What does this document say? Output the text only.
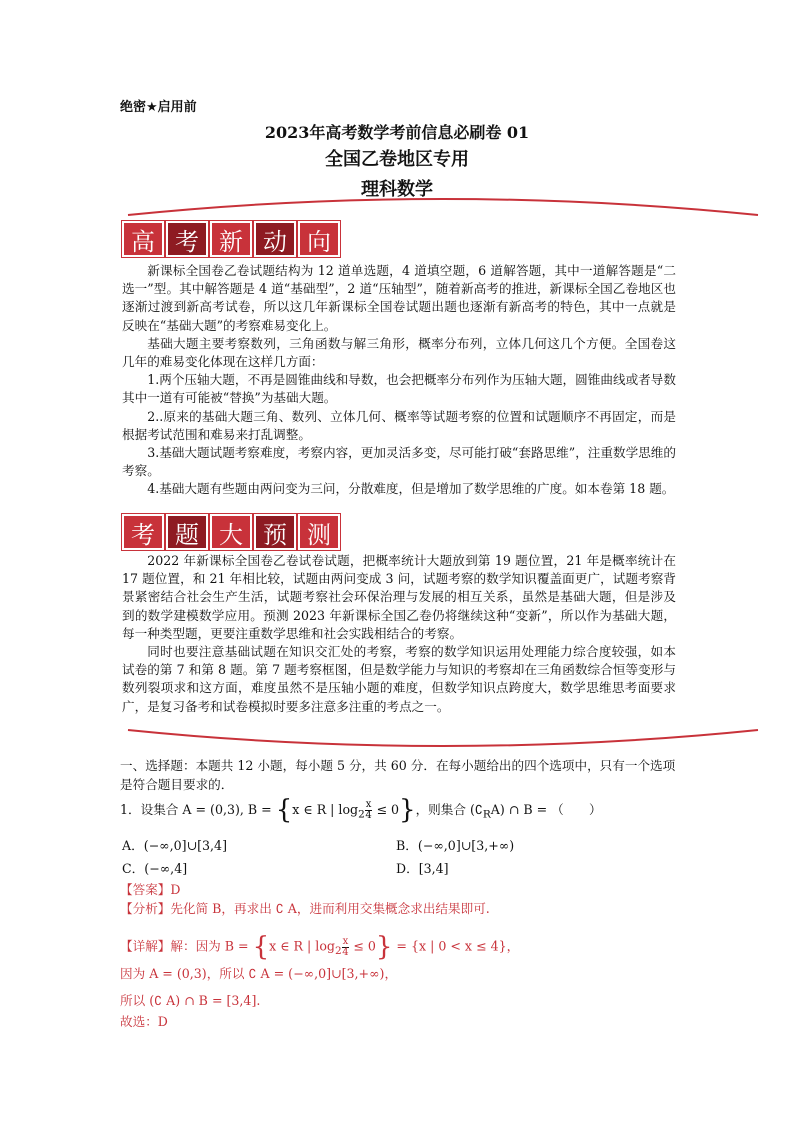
绝密★启用前
2023年高考数学考前信息必刷卷 01
全国乙卷地区专用
理科数学
高 考 新 动 向

新课标全国卷乙卷试题结构为 12 道单选题，4 道填空题，6 道解答题，其中一道解答题是“二选一”型。其中解答题是 4 道“基础型”，2 道“压轴型”，随着新高考的推进，新课标全国乙卷地区也逐渐过渡到新高考试卷，所以这几年新课标全国卷试题出题也逐渐有新高考的特色，其中一点就是反映在“基础大题”的考察难易变化上。

基础大题主要考察数列，三角函数与解三角形，概率分布列，立体几何这几个方便。全国卷这几年的难易变化体现在这样几方面：

1.两个压轴大题，不再是圆锥曲线和导数，也会把概率分布列作为压轴大题，圆锥曲线或者导数其中一道有可能被“替换”为基础大题。

2..原来的基础大题三角、数列、立体几何、概率等试题考察的位置和试题顺序不再固定，而是根据考试范围和难易来打乱调整。

3.基础大题试题考察难度，考察内容，更加灵活多变，尽可能打破“套路思维”，注重数学思维的考察。

4.基础大题有些题由两问变为三问，分散难度，但是增加了数学思维的广度。如本卷第 18 题。

考 题 大 预 测

2022 年新课标全国卷乙卷试卷试题，把概率统计大题放到第 19 题位置，21 年是概率统计在 17 题位置，和 21 年相比较，试题由两问变成 3 问，试题考察的数学知识覆盖面更广，试题考察背景紧密结合社会生产生活，试题考察社会环保治理与发展的相互关系，虽然是基础大题，但是涉及到的数学建模数学应用。预测 2023 年新课标全国乙卷仍将继续这种“变新”，所以作为基础大题，每一种类型题，更要注重数学思维和社会实践相结合的考察。

同时也要注意基础试题在知识交汇处的考察，考察的数学知识运用处理能力综合度较强，如本试卷的第 7 和第 8 题。第 7 题考察框图，但是数学能力与知识的考察却在三角函数综合恒等变形与数列裂项求和这方面，难度虽然不是压轴小题的难度，但数学知识点跨度大，数学思维思考面要求广，是复习备考和试卷模拟时要多注意多注重的考点之一。

一、选择题：本题共 12 小题，每小题 5 分，共 60 分．在每小题给出的四个选项中，只有一个选项是符合题目要求的．

1．设集合 A = (0,3), B = {x ∈ R | $\log_2 \frac{x}{4} \le 0$}，则集合 $(∁_RA)$ ∩ B = （　　）
A．(−∞,0]∪[3,4]	B．(−∞,0]∪[3,+∞)
C．(−∞,4]	D．[3,4]
【答案】D
【分析】先化简 B，再求出 ∁ A，进而利用交集概念求出结果即可.
【详解】解：因为 B = {x ∈ R | $\log_2 \frac{x}{4} \le 0\} = \{x$ | 0 < x ≤ 4}，
因为 A = (0,3)，所以 ∁ A = (−∞,0]∪[3,+∞)，
所以 (∁ A) ∩ B = [3,4].
故选：D
